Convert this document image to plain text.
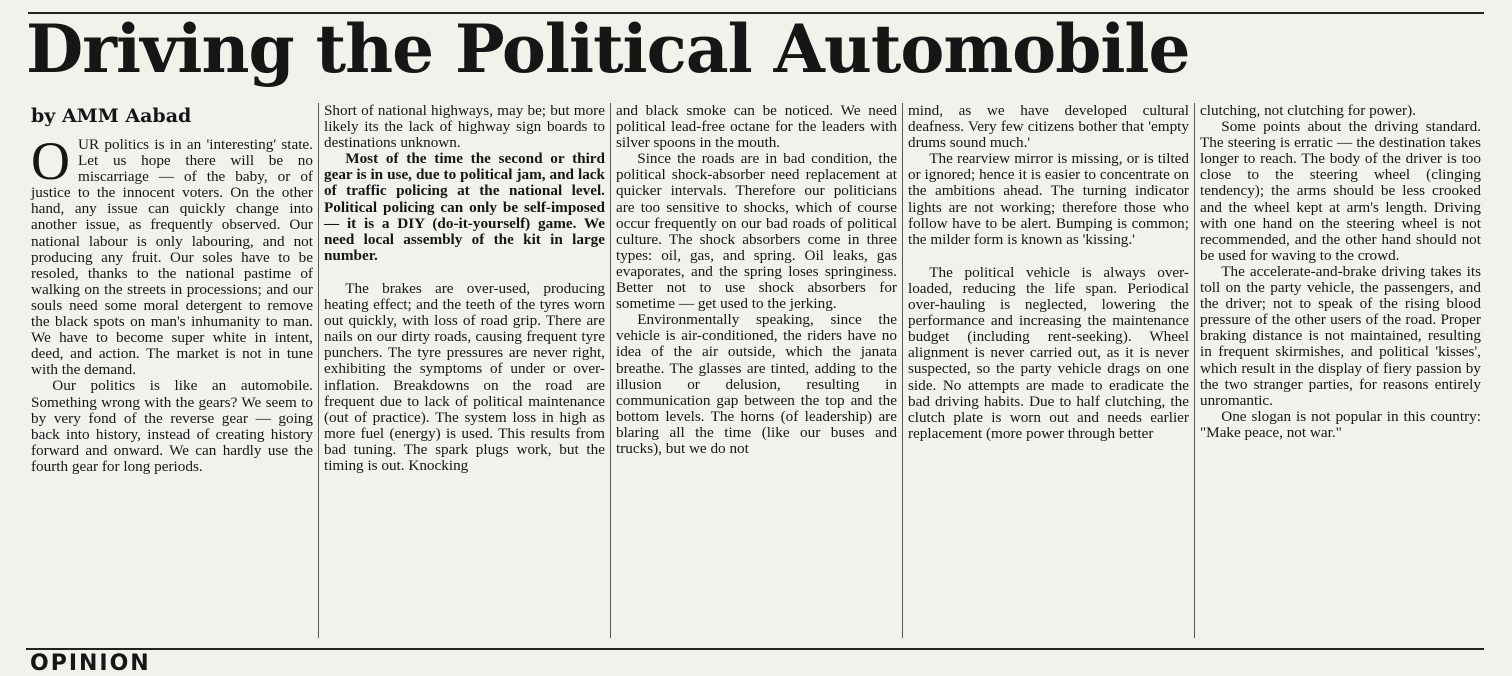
Driving the Political Automobile
by AMM Aabad

OUR politics is in an 'interesting' state. Let us hope there will be no miscarriage — of the baby, or of justice to the innocent voters. On the other hand, any issue can quickly change into another issue, as frequently observed. Our national labour is only labouring, and not producing any fruit. Our soles have to be resoled, thanks to the national pastime of walking on the streets in processions; and our souls need some moral detergent to remove the black spots on man's inhumanity to man. We have to become super white in intent, deed, and action. The market is not in tune with the demand.

Our politics is like an automobile. Something wrong with the gears? We seem to by very fond of the reverse gear — going back into history, instead of creating history forward and onward. We can hardly use the fourth gear for long periods.

Short of national highways, may be; but more likely its the lack of highway sign boards to destinations unknown.

Most of the time the second or third gear is in use, due to political jam, and lack of traffic policing at the national level. Political policing can only be self-imposed — it is a DIY (do-it-yourself) game. We need local assembly of the kit in large number.

The brakes are over-used, producing heating effect; and the teeth of the tyres worn out quickly, with loss of road grip. There are nails on our dirty roads, causing frequent tyre punchers. The tyre pressures are never right, exhibiting the symptoms of under or over-inflation. Breakdowns on the road are frequent due to lack of political maintenance (out of practice). The system loss in high as more fuel (energy) is used. This results from bad tuning. The spark plugs work, but the timing is out. Knocking

and black smoke can be noticed. We need political lead-free octane for the leaders with silver spoons in the mouth.

Since the roads are in bad condition, the political shock-absorber need replacement at quicker intervals. Therefore our politicians are too sensitive to shocks, which of course occur frequently on our bad roads of political culture. The shock absorbers come in three types: oil, gas, and spring. Oil leaks, gas evaporates, and the spring loses springiness. Better not to use shock absorbers for sometime — get used to the jerking.

Environmentally speaking, since the vehicle is air-conditioned, the riders have no idea of the air outside, which the janata breathe. The glasses are tinted, adding to the illusion or delusion, resulting in communication gap between the top and the bottom levels. The horns (of leadership) are blaring all the time (like our buses and trucks), but we do not

mind, as we have developed cultural deafness. Very few citizens bother that 'empty drums sound much.'

The rearview mirror is missing, or is tilted or ignored; hence it is easier to concentrate on the ambitions ahead. The turning indicator lights are not working; therefore those who follow have to be alert. Bumping is common; the milder form is known as 'kissing.'

The political vehicle is always over-loaded, reducing the life span. Periodical over-hauling is neglected, lowering the performance and increasing the maintenance budget (including rent-seeking). Wheel alignment is never carried out, as it is never suspected, so the party vehicle drags on one side. No attempts are made to eradicate the bad driving habits. Due to half clutching, the clutch plate is worn out and needs earlier replacement (more power through better

clutching, not clutching for power).

Some points about the driving standard. The steering is erratic — the destination takes longer to reach. The body of the driver is too close to the steering wheel (clinging tendency); the arms should be less crooked and the wheel kept at arm's length. Driving with one hand on the steering wheel is not recommended, and the other hand should not be used for waving to the crowd.

The accelerate-and-brake driving takes its toll on the party vehicle, the passengers, and the driver; not to speak of the rising blood pressure of the other users of the road. Proper braking distance is not maintained, resulting in frequent skirmishes, and political 'kisses', which result in the display of fiery passion by the two stranger parties, for reasons entirely unromantic.

One slogan is not popular in this country: "Make peace, not war."

OPINION
